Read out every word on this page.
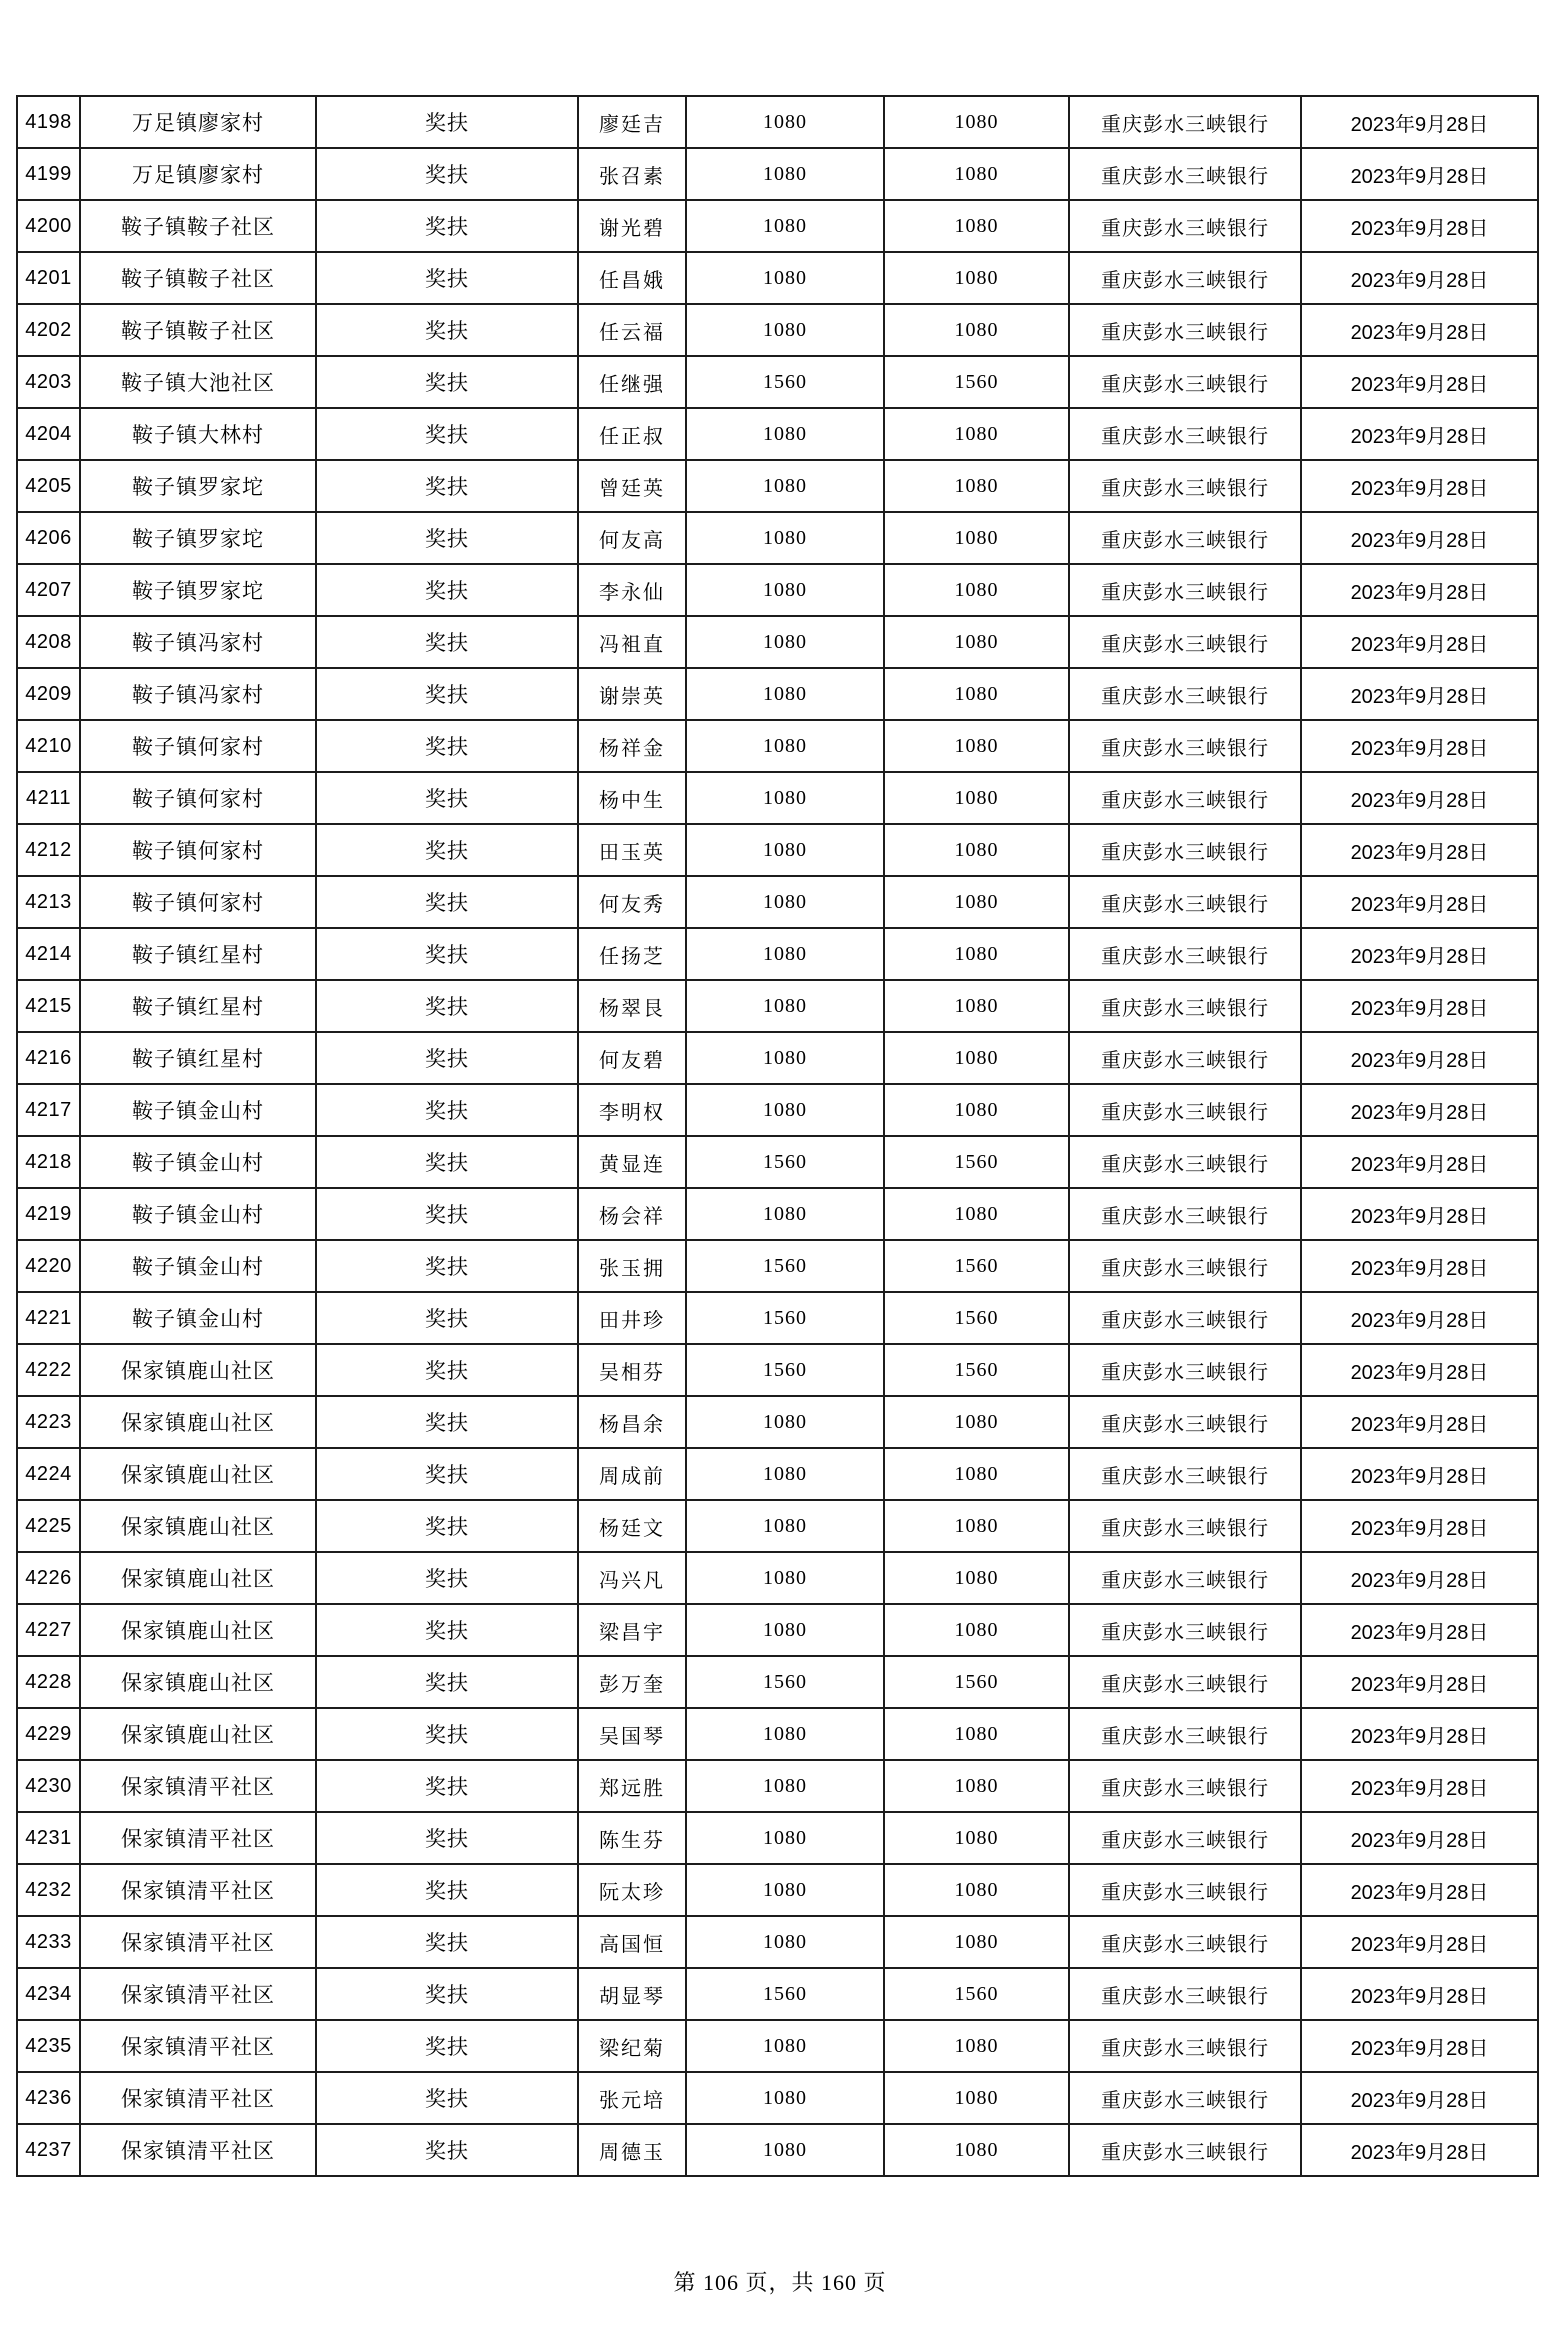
4198	万足镇廖家村	奖扶	廖廷吉	1080	1080	重庆彭水三峡银行	2023年9月28日
4199	万足镇廖家村	奖扶	张召素	1080	1080	重庆彭水三峡银行	2023年9月28日
4200	鞍子镇鞍子社区	奖扶	谢光碧	1080	1080	重庆彭水三峡银行	2023年9月28日
4201	鞍子镇鞍子社区	奖扶	任昌娥	1080	1080	重庆彭水三峡银行	2023年9月28日
4202	鞍子镇鞍子社区	奖扶	任云福	1080	1080	重庆彭水三峡银行	2023年9月28日
4203	鞍子镇大池社区	奖扶	任继强	1560	1560	重庆彭水三峡银行	2023年9月28日
4204	鞍子镇大林村	奖扶	任正叔	1080	1080	重庆彭水三峡银行	2023年9月28日
4205	鞍子镇罗家坨	奖扶	曾廷英	1080	1080	重庆彭水三峡银行	2023年9月28日
4206	鞍子镇罗家坨	奖扶	何友高	1080	1080	重庆彭水三峡银行	2023年9月28日
4207	鞍子镇罗家坨	奖扶	李永仙	1080	1080	重庆彭水三峡银行	2023年9月28日
4208	鞍子镇冯家村	奖扶	冯袓直	1080	1080	重庆彭水三峡银行	2023年9月28日
4209	鞍子镇冯家村	奖扶	谢崇英	1080	1080	重庆彭水三峡银行	2023年9月28日
4210	鞍子镇何家村	奖扶	杨祥金	1080	1080	重庆彭水三峡银行	2023年9月28日
4211	鞍子镇何家村	奖扶	杨中生	1080	1080	重庆彭水三峡银行	2023年9月28日
4212	鞍子镇何家村	奖扶	田玉英	1080	1080	重庆彭水三峡银行	2023年9月28日
4213	鞍子镇何家村	奖扶	何友秀	1080	1080	重庆彭水三峡银行	2023年9月28日
4214	鞍子镇红星村	奖扶	任扬芝	1080	1080	重庆彭水三峡银行	2023年9月28日
4215	鞍子镇红星村	奖扶	杨翠艮	1080	1080	重庆彭水三峡银行	2023年9月28日
4216	鞍子镇红星村	奖扶	何友碧	1080	1080	重庆彭水三峡银行	2023年9月28日
4217	鞍子镇金山村	奖扶	李明权	1080	1080	重庆彭水三峡银行	2023年9月28日
4218	鞍子镇金山村	奖扶	黄显连	1560	1560	重庆彭水三峡银行	2023年9月28日
4219	鞍子镇金山村	奖扶	杨会祥	1080	1080	重庆彭水三峡银行	2023年9月28日
4220	鞍子镇金山村	奖扶	张玉拥	1560	1560	重庆彭水三峡银行	2023年9月28日
4221	鞍子镇金山村	奖扶	田井珍	1560	1560	重庆彭水三峡银行	2023年9月28日
4222	保家镇鹿山社区	奖扶	吴相芬	1560	1560	重庆彭水三峡银行	2023年9月28日
4223	保家镇鹿山社区	奖扶	杨昌余	1080	1080	重庆彭水三峡银行	2023年9月28日
4224	保家镇鹿山社区	奖扶	周成前	1080	1080	重庆彭水三峡银行	2023年9月28日
4225	保家镇鹿山社区	奖扶	杨廷文	1080	1080	重庆彭水三峡银行	2023年9月28日
4226	保家镇鹿山社区	奖扶	冯兴凡	1080	1080	重庆彭水三峡银行	2023年9月28日
4227	保家镇鹿山社区	奖扶	梁昌宇	1080	1080	重庆彭水三峡银行	2023年9月28日
4228	保家镇鹿山社区	奖扶	彭万奎	1560	1560	重庆彭水三峡银行	2023年9月28日
4229	保家镇鹿山社区	奖扶	吴国琴	1080	1080	重庆彭水三峡银行	2023年9月28日
4230	保家镇清平社区	奖扶	郑远胜	1080	1080	重庆彭水三峡银行	2023年9月28日
4231	保家镇清平社区	奖扶	陈生芬	1080	1080	重庆彭水三峡银行	2023年9月28日
4232	保家镇清平社区	奖扶	阮太珍	1080	1080	重庆彭水三峡银行	2023年9月28日
4233	保家镇清平社区	奖扶	高国恒	1080	1080	重庆彭水三峡银行	2023年9月28日
4234	保家镇清平社区	奖扶	胡显琴	1560	1560	重庆彭水三峡银行	2023年9月28日
4235	保家镇清平社区	奖扶	梁纪菊	1080	1080	重庆彭水三峡银行	2023年9月28日
4236	保家镇清平社区	奖扶	张元培	1080	1080	重庆彭水三峡银行	2023年9月28日
4237	保家镇清平社区	奖扶	周德玉	1080	1080	重庆彭水三峡银行	2023年9月28日
第 106 页，共 160 页
